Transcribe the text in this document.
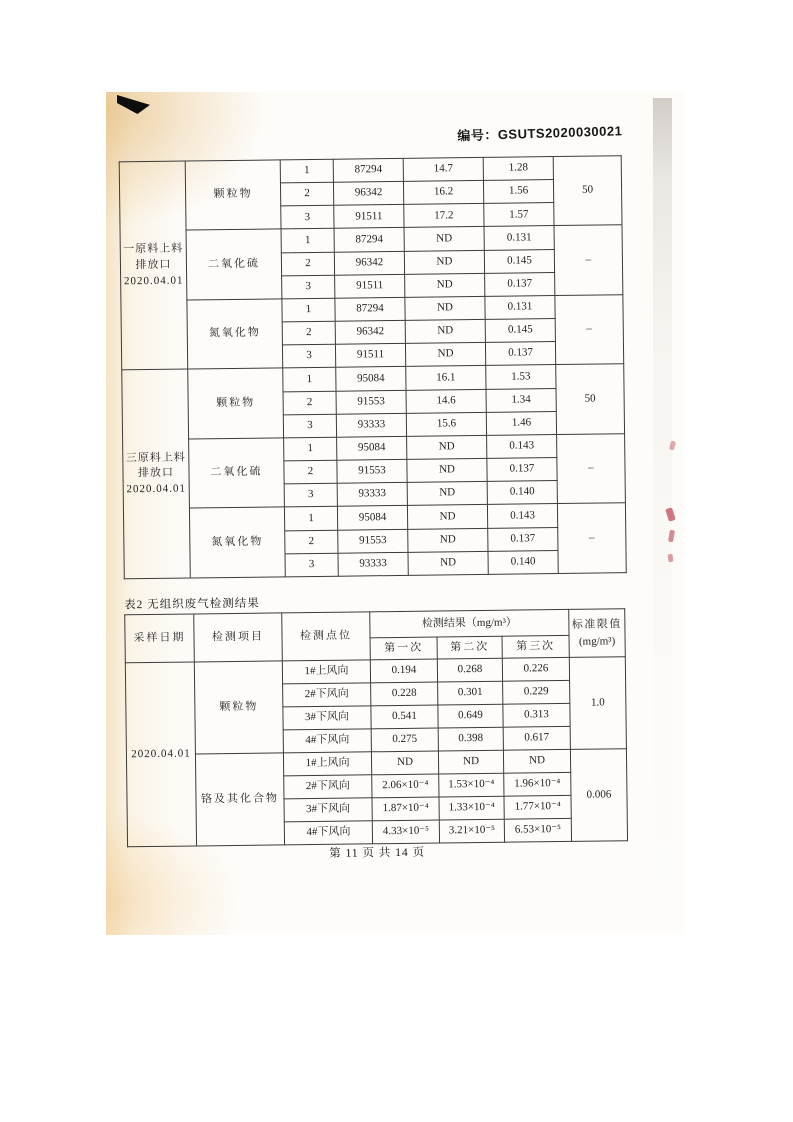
编号：GSUTS2020030021
一原料上料
排放口
2020.04.01	颗粒物	1	87294	14.7	1.28	50
		2	96342	16.2	1.56	
		3	91511	17.2	1.57	
	二氧化硫	1	87294	ND	0.131	–
		2	96342	ND	0.145	
		3	91511	ND	0.137	
	氮氧化物	1	87294	ND	0.131	–
		2	96342	ND	0.145	
		3	91511	ND	0.137	

三原料上料
排放口
2020.04.01	颗粒物	1	95084	16.1	1.53	50
		2	91553	14.6	1.34	
		3	93333	15.6	1.46	
	二氧化硫	1	95084	ND	0.143	–
		2	91553	ND	0.137	
		3	93333	ND	0.140	
	氮氧化物	1	95084	ND	0.143	–
		2	91553	ND	0.137	
		3	93333	ND	0.140	
表2 无组织废气检测结果
采样日期	检测项目	检测点位	检测结果（mg/m³）			标准限值
(mg/m³)

			第一次	第二次	第三次	

2020.04.01	颗粒物	1#上风向	0.194	0.268	0.226	1.0
		2#下风向	0.228	0.301	0.229	
		3#下风向	0.541	0.649	0.313	
		4#下风向	0.275	0.398	0.617	
	铬及其化合物	1#上风向	ND	ND	ND	0.006
		2#下风向	2.06×10⁻⁴	1.53×10⁻⁴	1.96×10⁻⁴	
		3#下风向	1.87×10⁻⁴	1.33×10⁻⁴	1.77×10⁻⁴	
		4#下风向	4.33×10⁻⁵	3.21×10⁻⁵	6.53×10⁻⁵	
第 11 页 共 14 页
